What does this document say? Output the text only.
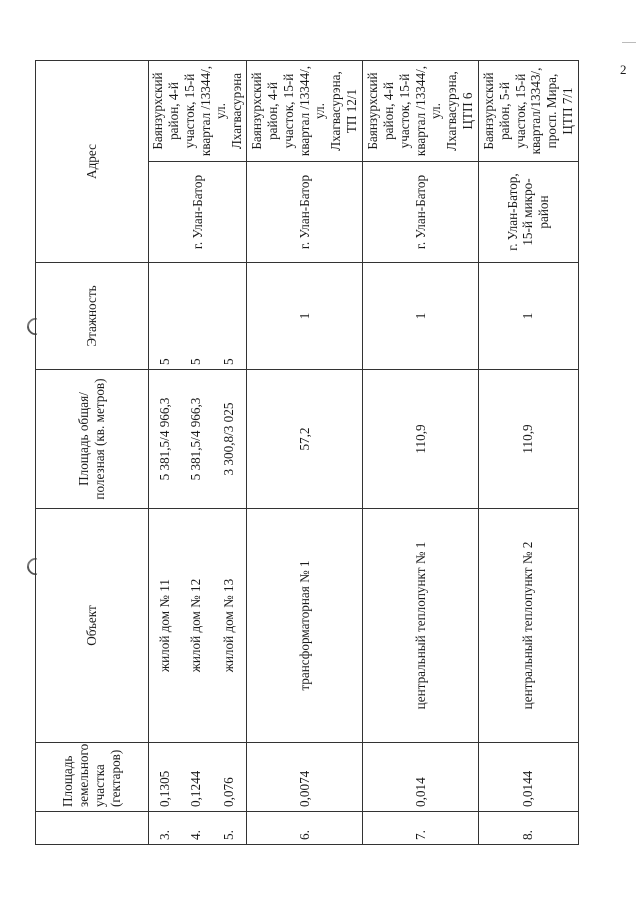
2
	Площадь земельного участка (гектаров)	Объект	Площадь общая/полезная (кв. метров)	Этажность	Адрес	
3.	0,1305	жилой дом № 11	5 381,5/4 966,3	5	г. Улан-Батор	Баянзурхский район, 4-й участок, 15-й квартал /13344/, ул. Лхагвасурэна
4.	0,1244	жилой дом № 12	5 381,5/4 966,3	5		
5.	0,076	жилой дом № 13	3 300,8/3 025	5		
6.	0,0074	трансформаторная № 1	57,2	1	г. Улан-Батор	Баянзурхский район, 4-й участок, 15-й квартал /13344/, ул. Лхагвасурэна, ТП 12/1
7.	0,014	центральный теплопункт № 1	110,9	1	г. Улан-Батор	Баянзурхский район, 4-й участок, 15-й квартал /13344/, ул. Лхагвасурэна, ЦТП 6
8.	0,0144	центральный теплопункт № 2	110,9	1	г. Улан-Батор, 15-й микро-район	Баянзурхский район, 5-й участок, 15-й квартал/13343/, просп. Мира, ЦТП 7/1
